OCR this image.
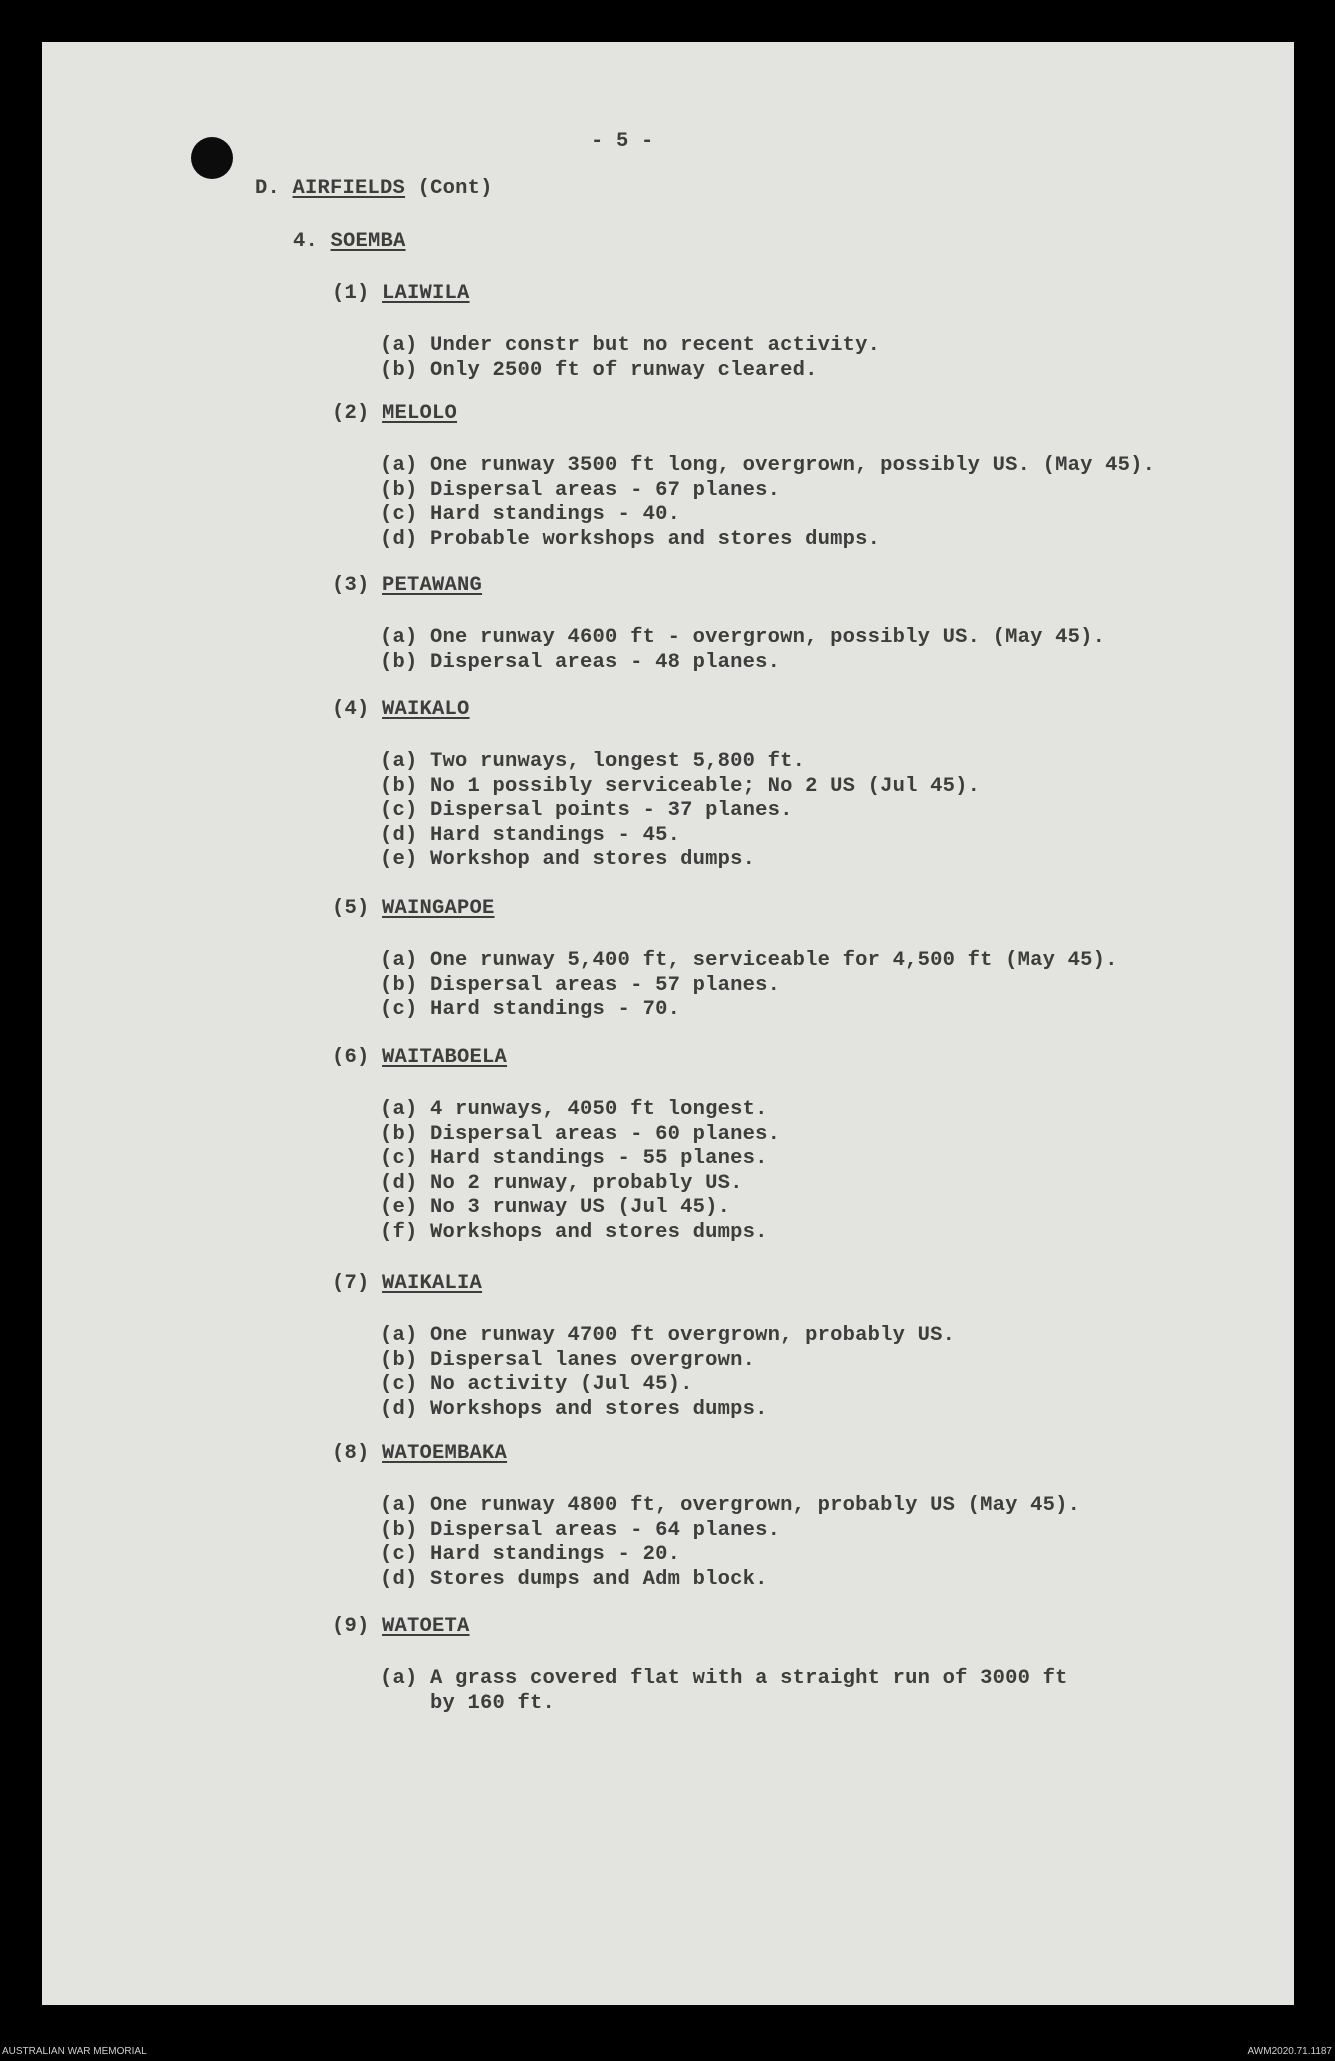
- 5 -
D. AIRFIELDS (Cont)
4. SOEMBA
(1) LAIWILA
(a) Under constr but no recent activity.
(b) Only 2500 ft of runway cleared.
(2) MELOLO
(a) One runway 3500 ft long, overgrown, possibly US. (May 45).
(b) Dispersal areas - 67 planes.
(c) Hard standings - 40.
(d) Probable workshops and stores dumps.
(3) PETAWANG
(a) One runway 4600 ft - overgrown, possibly US. (May 45).
(b) Dispersal areas - 48 planes.
(4) WAIKALO
(a) Two runways, longest 5,800 ft.
(b) No 1 possibly serviceable; No 2 US (Jul 45).
(c) Dispersal points - 37 planes.
(d) Hard standings - 45.
(e) Workshop and stores dumps.
(5) WAINGAPOE
(a) One runway 5,400 ft, serviceable for 4,500 ft (May 45).
(b) Dispersal areas - 57 planes.
(c) Hard standings - 70.
(6) WAITABOELA
(a) 4 runways, 4050 ft longest.
(b) Dispersal areas - 60 planes.
(c) Hard standings - 55 planes.
(d) No 2 runway, probably US.
(e) No 3 runway US (Jul 45).
(f) Workshops and stores dumps.
(7) WAIKALIA
(a) One runway 4700 ft overgrown, probably US.
(b) Dispersal lanes overgrown.
(c) No activity (Jul 45).
(d) Workshops and stores dumps.
(8) WATOEMBAKA
(a) One runway 4800 ft, overgrown, probably US (May 45).
(b) Dispersal areas - 64 planes.
(c) Hard standings - 20.
(d) Stores dumps and Adm block.
(9) WATOETA
(a) A grass covered flat with a straight run of 3000 ft
by 160 ft.
AUSTRALIAN WAR MEMORIAL	AWM2020.71.1187
